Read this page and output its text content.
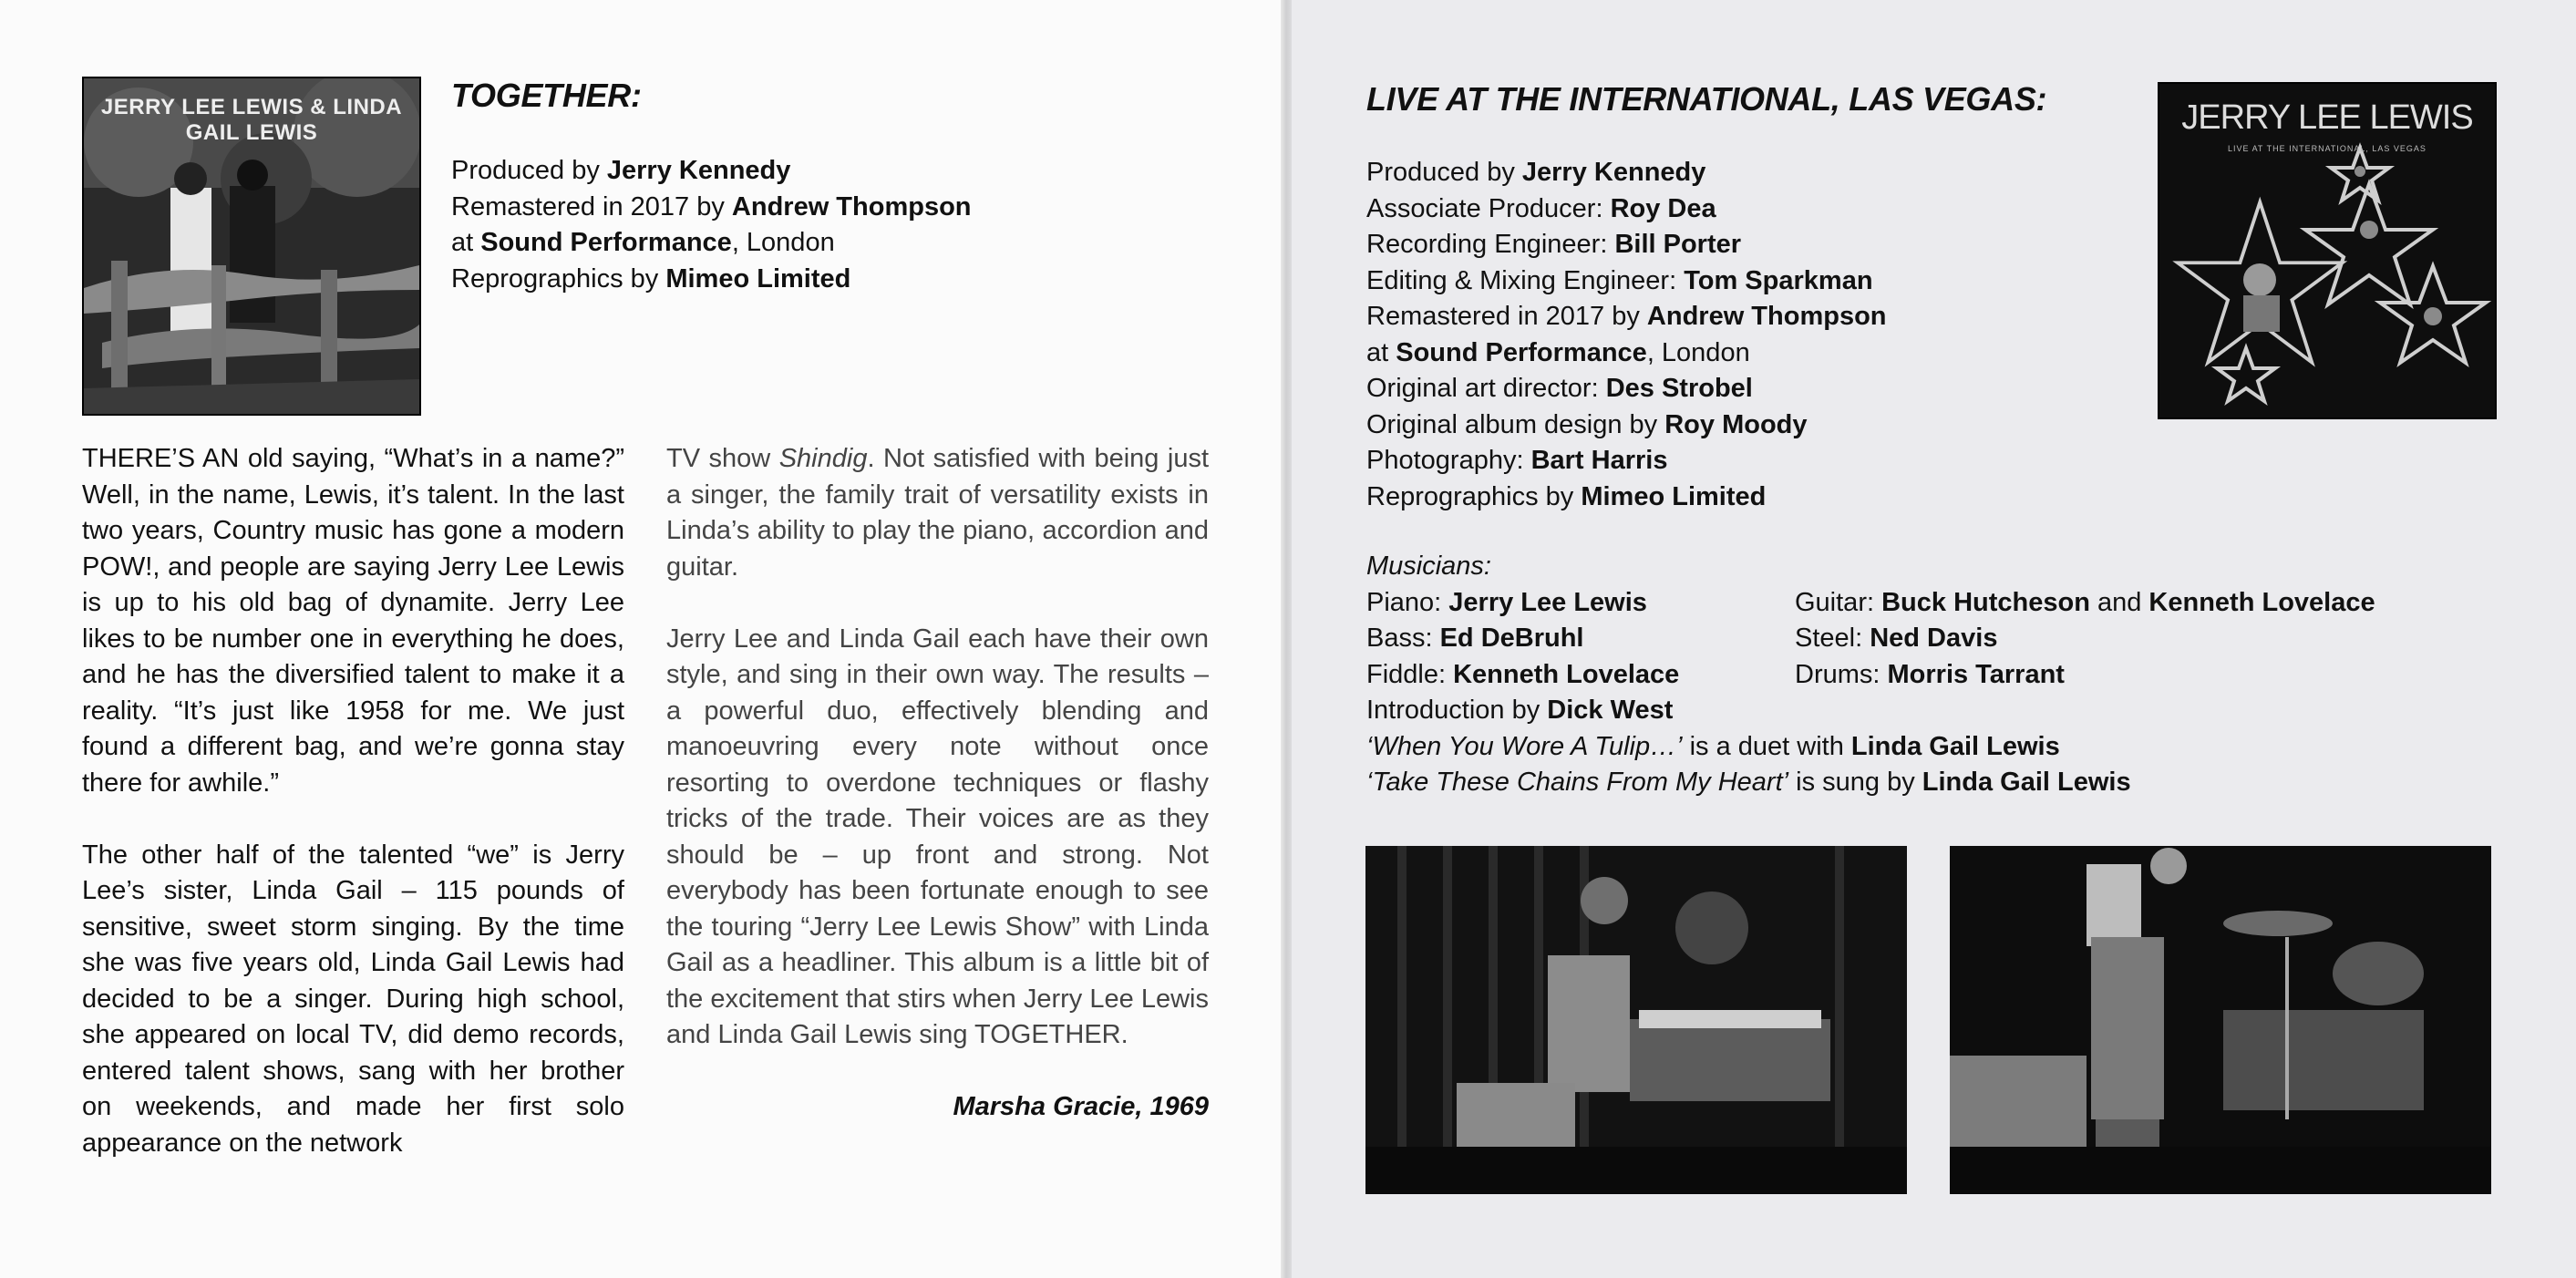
JERRY LEE LEWIS & LINDA GAIL LEWIS
TOGETHER:
Produced by Jerry Kennedy
Remastered in 2017 by Andrew Thompson
at Sound Performance, London
Reprographics by Mimeo Limited

THERE’S AN old saying, “What’s in a name?” Well, in the name, Lewis, it’s talent. In the last two years, Country music has gone a modern POW!, and people are saying Jerry Lee Lewis is up to his old bag of dynamite. Jerry Lee likes to be number one in everything he does, and he has the diversified talent to make it a reality. “It’s just like 1958 for me. We just found a different bag, and we’re gonna stay there for awhile.”

The other half of the talented “we” is Jerry Lee’s sister, Linda Gail – 115 pounds of sensitive, sweet storm singing. By the time she was five years old, Linda Gail Lewis had decided to be a singer. During high school, she appeared on local TV, did demo records, entered talent shows, sang with her brother on weekends, and made her first solo appearance on the network

TV show Shindig. Not satisfied with being just a singer, the family trait of versatility exists in Linda’s ability to play the piano, accordion and guitar.

Jerry Lee and Linda Gail each have their own style, and sing in their own way. The results – a powerful duo, effectively blending and manoeuvring every note without once resorting to overdone techniques or flashy tricks of the trade. Their voices are as they should be – up front and strong. Not everybody has been fortunate enough to see the touring “Jerry Lee Lewis Show” with Linda Gail as a headliner. This album is a little bit of the excitement that stirs when Jerry Lee Lewis and Linda Gail Lewis sing TOGETHER.

Marsha Gracie, 1969

LIVE AT THE INTERNATIONAL, LAS VEGAS:
Produced by Jerry Kennedy
Associate Producer: Roy Dea
Recording Engineer: Bill Porter
Editing & Mixing Engineer: Tom Sparkman
Remastered in 2017 by Andrew Thompson
at Sound Performance, London
Original art director: Des Strobel
Original album design by Roy Moody
Photography: Bart Harris
Reprographics by Mimeo Limited
JERRY LEE LEWIS
LIVE AT THE INTERNATIONAL, LAS VEGAS
Musicians:
Piano: Jerry Lee Lewis	Guitar: Buck Hutcheson and Kenneth Lovelace
Bass: Ed DeBruhl	Steel: Ned Davis
Fiddle: Kenneth Lovelace	Drums: Morris Tarrant
Introduction by Dick West
‘When You Wore A Tulip…’ is a duet with Linda Gail Lewis
‘Take These Chains From My Heart’ is sung by Linda Gail Lewis
